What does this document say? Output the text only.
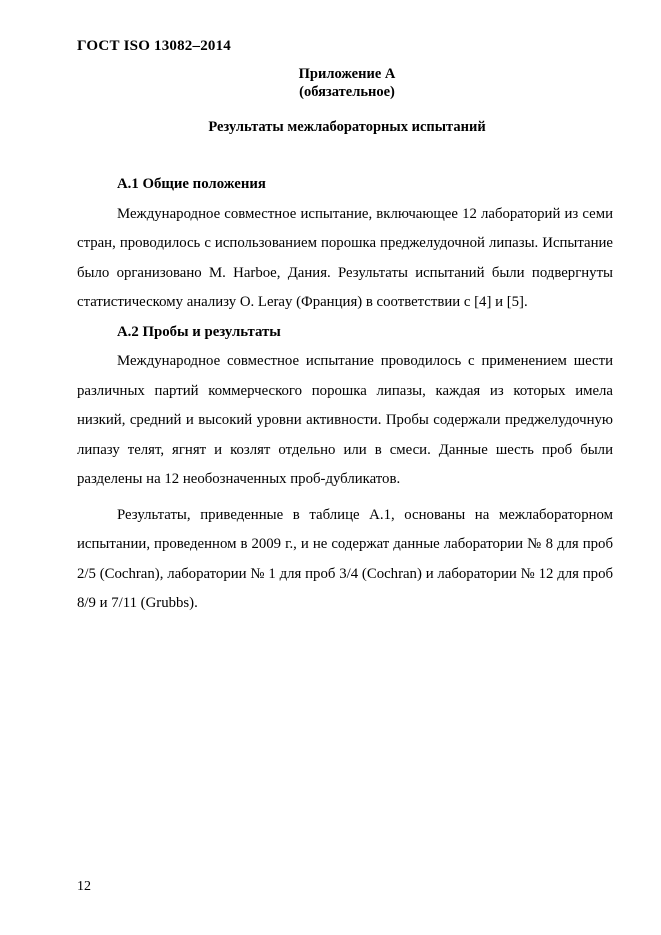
ГОСТ ISO 13082–2014
Приложение А
(обязательное)
Результаты межлабораторных испытаний

А.1 Общие положения

Международное совместное испытание, включающее 12 лабораторий из семи стран, проводилось с использованием порошка преджелудочной липазы. Испытание было организовано M. Harboe, Дания. Результаты испытаний были подвергнуты статистическому анализу O. Leray (Франция) в соответствии с [4] и [5].

А.2 Пробы и результаты

Международное совместное испытание проводилось с применением шести различных партий коммерческого порошка липазы, каждая из которых имела низкий, средний и высокий уровни активности. Пробы содержали преджелудочную липазу телят, ягнят и козлят отдельно или в смеси. Данные шесть проб были разделены на 12 необозначенных проб-дубликатов.

Результаты, приведенные в таблице А.1, основаны на межлабораторном испытании, проведенном в 2009 г., и не содержат данные лаборатории № 8 для проб 2/5 (Cochran), лаборатории № 1 для проб 3/4 (Cochran) и лаборатории № 12 для проб 8/9 и 7/11 (Grubbs).

12
